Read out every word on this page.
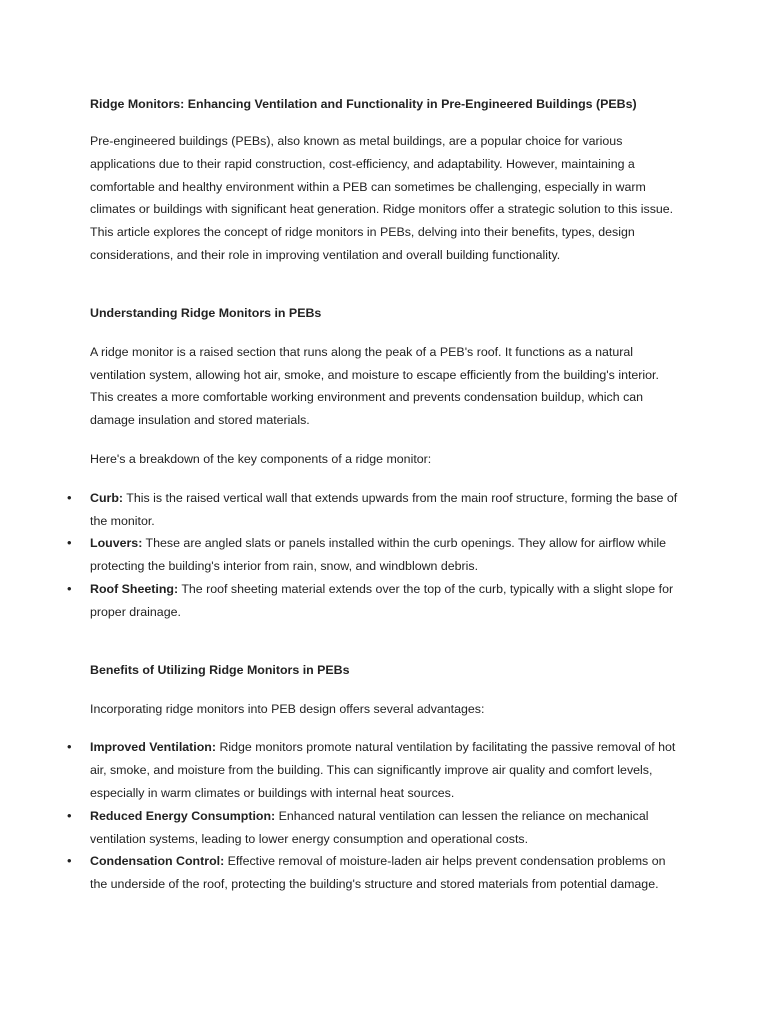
Ridge Monitors: Enhancing Ventilation and Functionality in Pre-Engineered Buildings (PEBs)

Pre-engineered buildings (PEBs), also known as metal buildings, are a popular choice for various applications due to their rapid construction, cost-efficiency, and adaptability. However, maintaining a comfortable and healthy environment within a PEB can sometimes be challenging, especially in warm climates or buildings with significant heat generation. Ridge monitors offer a strategic solution to this issue. This article explores the concept of ridge monitors in PEBs, delving into their benefits, types, design considerations, and their role in improving ventilation and overall building functionality.

Understanding Ridge Monitors in PEBs

A ridge monitor is a raised section that runs along the peak of a PEB's roof. It functions as a natural ventilation system, allowing hot air, smoke, and moisture to escape efficiently from the building's interior. This creates a more comfortable working environment and prevents condensation buildup, which can damage insulation and stored materials.

Here's a breakdown of the key components of a ridge monitor:

• Curb: This is the raised vertical wall that extends upwards from the main roof structure, forming the base of the monitor.
• Louvers: These are angled slats or panels installed within the curb openings. They allow for airflow while protecting the building's interior from rain, snow, and windblown debris.
• Roof Sheeting: The roof sheeting material extends over the top of the curb, typically with a slight slope for proper drainage.
Benefits of Utilizing Ridge Monitors in PEBs

Incorporating ridge monitors into PEB design offers several advantages:

• Improved Ventilation: Ridge monitors promote natural ventilation by facilitating the passive removal of hot air, smoke, and moisture from the building. This can significantly improve air quality and comfort levels, especially in warm climates or buildings with internal heat sources.
• Reduced Energy Consumption: Enhanced natural ventilation can lessen the reliance on mechanical ventilation systems, leading to lower energy consumption and operational costs.
• Condensation Control: Effective removal of moisture-laden air helps prevent condensation problems on the underside of the roof, protecting the building's structure and stored materials from potential damage.
